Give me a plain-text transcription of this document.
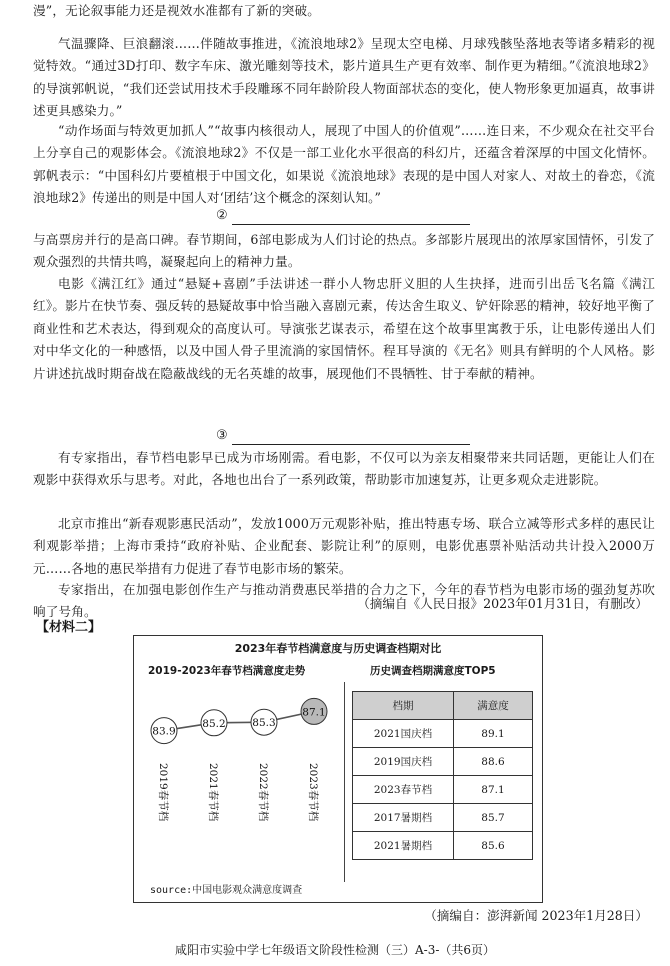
漫”，无论叙事能力还是视效水准都有了新的突破。

气温骤降、巨浪翻滚……伴随故事推进，《流浪地球2》呈现太空电梯、月球残骸坠落地表等诸多精彩的视觉特效。“通过3D打印、数字车床、激光雕刻等技术，影片道具生产更有效率、制作更为精细。”《流浪地球2》的导演郭帆说，“我们还尝试用技术手段雕琢不同年龄阶段人物面部状态的变化，使人物形象更加逼真，故事讲述更具感染力。”

“动作场面与特效更加抓人”“故事内核很动人，展现了中国人的价值观”……连日来，不少观众在社交平台上分享自己的观影体会。《流浪地球2》不仅是一部工业化水平很高的科幻片，还蕴含着深厚的中国文化情怀。郭帆表示：“中国科幻片要植根于中国文化，如果说《流浪地球》表现的是中国人对家人、对故土的眷恋，《流浪地球2》传递出的则是中国人对‘团结’这个概念的深刻认知。”

②

与高票房并行的是高口碑。春节期间，6部电影成为人们讨论的热点。多部影片展现出的浓厚家国情怀，引发了观众强烈的共情共鸣，凝聚起向上的精神力量。

电影《满江红》通过“悬疑+喜剧”手法讲述一群小人物忠肝义胆的人生抉择，进而引出岳飞名篇《满江红》。影片在快节奏、强反转的悬疑故事中恰当融入喜剧元素，传达舍生取义、铲奸除恶的精神，较好地平衡了商业性和艺术表达，得到观众的高度认可。导演张艺谋表示，希望在这个故事里寓教于乐，让电影传递出人们对中华文化的一种感悟，以及中国人骨子里流淌的家国情怀。程耳导演的《无名》则具有鲜明的个人风格。影片讲述抗战时期奋战在隐蔽战线的无名英雄的故事，展现他们不畏牺牲、甘于奉献的精神。

③

有专家指出，春节档电影早已成为市场刚需。看电影，不仅可以为亲友相聚带来共同话题，更能让人们在观影中获得欢乐与思考。对此，各地也出台了一系列政策，帮助影市加速复苏，让更多观众走进影院。

北京市推出“新春观影惠民活动”，发放1000万元观影补贴，推出特惠专场、联合立减等形式多样的惠民让利观影举措；上海市秉持“政府补贴、企业配套、影院让利”的原则，电影优惠票补贴活动共计投入2000万元……各地的惠民举措有力促进了春节电影市场的繁荣。

专家指出，在加强电影创作生产与推动消费惠民举措的合力之下，今年的春节档为电影市场的强劲复苏吹响了号角。

（摘编自《人民日报》2023年01月31日，有删改）
【材料二】
2023年春节档满意度与历史调查档期对比
2019-2023年春节档满意度走势	历史调查档期满意度TOP5
83.9
2019春节档
85.2
2021春节档
85.3
2022春节档
87.1
2023春节档
档期	满意度
2021国庆档	89.1
2019国庆档	88.6
2023春节档	87.1
2017暑期档	85.7
2021暑期档	85.6
source:中国电影观众满意度调查
（摘编自：澎湃新闻 2023年1月28日）
咸阳市实验中学七年级语文阶段性检测（三）A-3-（共6页）
